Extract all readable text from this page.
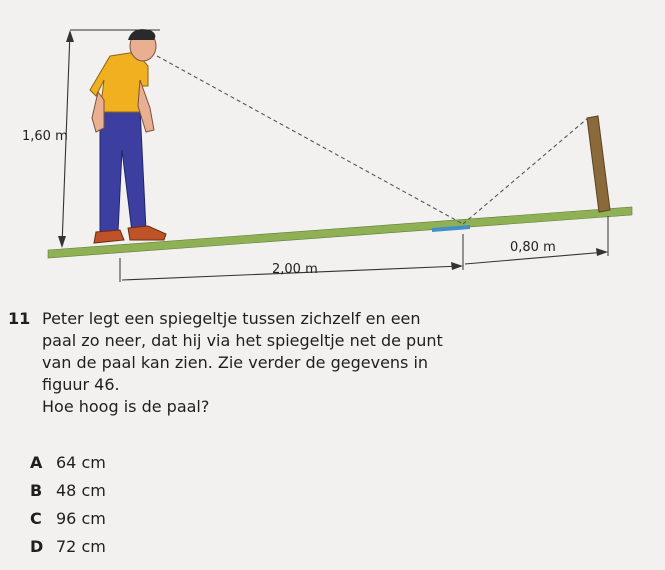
1,60 m
2,00 m
0,80 m
11 Peter legt een spiegeltje tussen zichzelf en een

paal zo neer, dat hij via het spiegeltje net de punt

van de paal kan zien. Zie verder de gegevens in

figuur 46.

Hoe hoog is de paal?

A 64 cm
B 48 cm
C 96 cm
D 72 cm
